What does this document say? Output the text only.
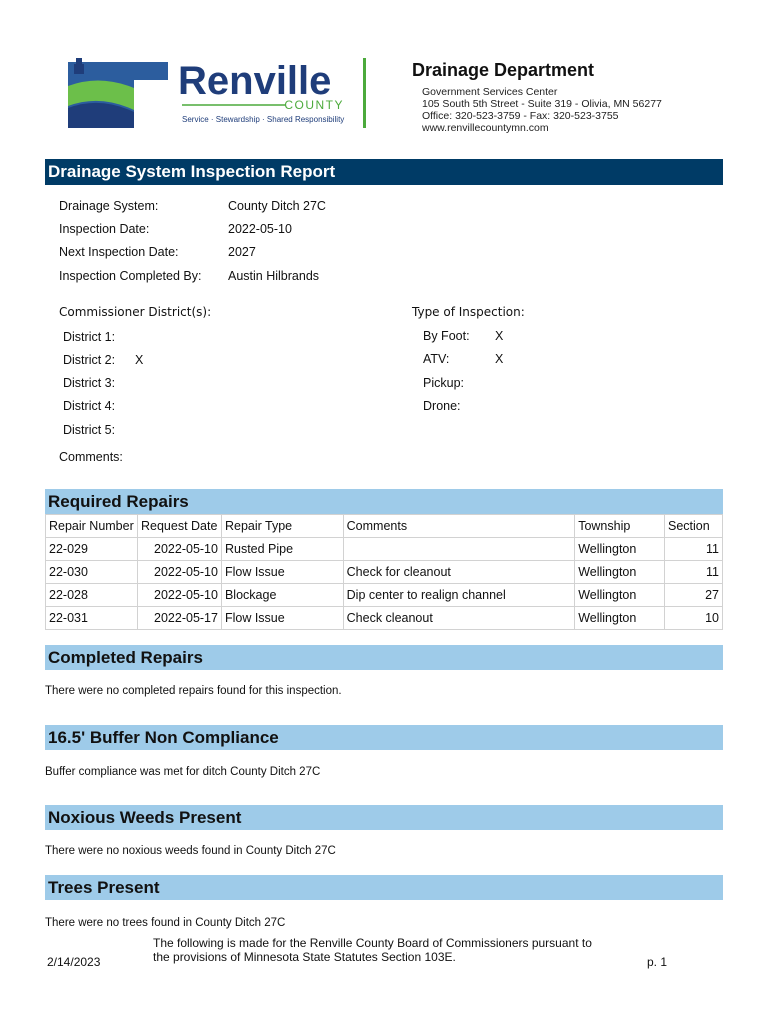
Renville
COUNTY
Service · Stewardship · Shared Responsibility
Drainage Department
Government Services Center
105 South 5th Street - Suite 319 - Olivia, MN 56277
Office: 320-523-3759 - Fax: 320-523-3755
www.renvillecountymn.com
Drainage System Inspection Report
Drainage System:	County Ditch 27C
Inspection Date:	2022-05-10
Next Inspection Date:	2027
Inspection Completed By: Austin Hilbrands
Commissioner District(s):
District 1:
District 2: X
District 3:
District 4:
District 5:
Type of Inspection:
By Foot: X
ATV:	X
Pickup:
Drone:
Comments:
Required Repairs
Repair Number	Request Date	Repair Type	Comments	Township	Section
22-029	2022-05-10	Rusted Pipe		Wellington	11
22-030	2022-05-10	Flow Issue	Check for cleanout	Wellington	11
22-028	2022-05-10	Blockage	Dip center to realign channel	Wellington	27
22-031	2022-05-17	Flow Issue	Check cleanout	Wellington	10
Completed Repairs
There were no completed repairs found for this inspection.
16.5' Buffer Non Compliance
Buffer compliance was met for ditch County Ditch 27C
Noxious Weeds Present
There were no noxious weeds found in County Ditch 27C
Trees Present
There were no trees found in County Ditch 27C
2/14/2023
The following is made for the Renville County Board of Commissioners pursuant to
the provisions of Minnesota State Statutes Section 103E.	p. 1
